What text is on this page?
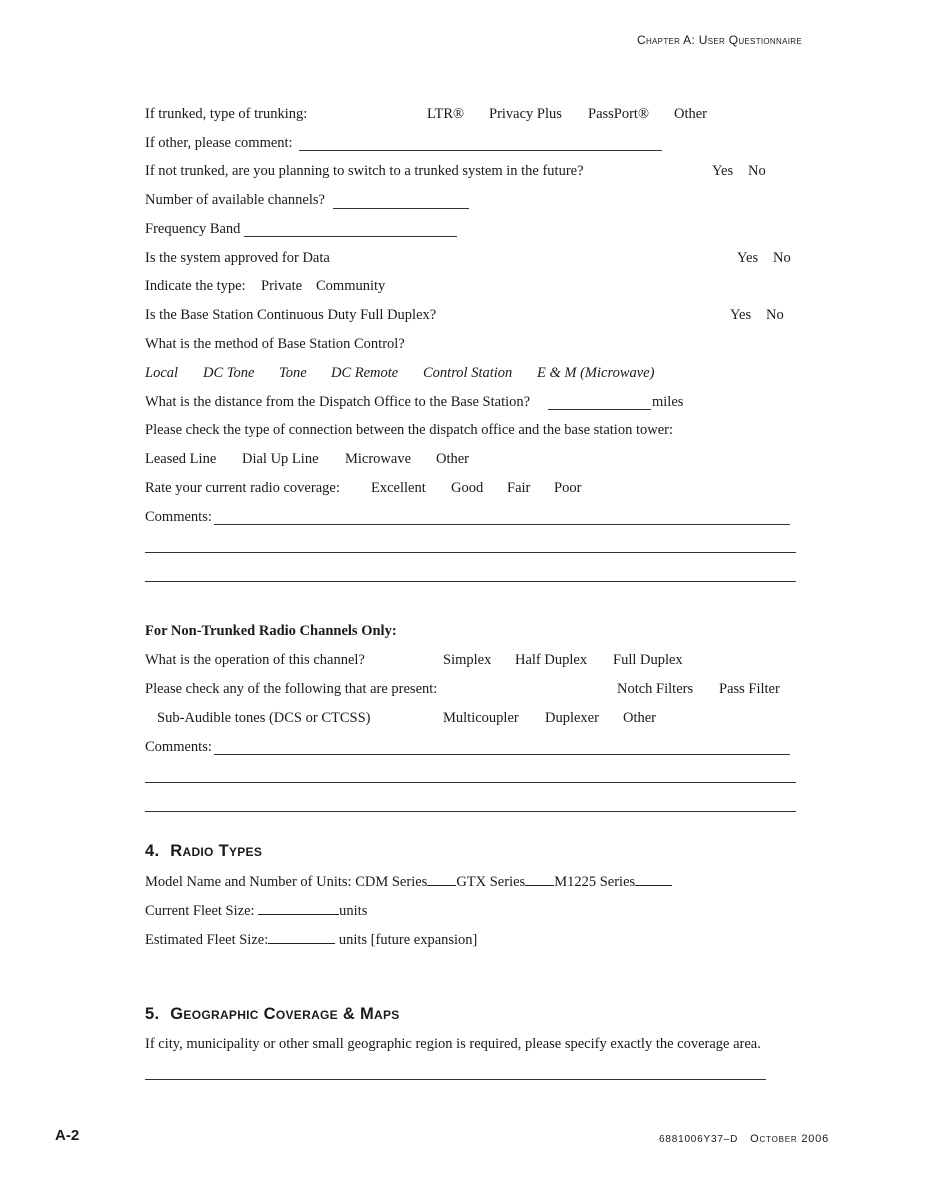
Chapter A: User Questionnaire
If trunked, type of trunking:	LTR® Privacy Plus PassPort® Other
If other, please comment:
If not trunked, are you planning to switch to a trunked system in the future?	Yes No
Number of available channels?
Frequency Band
Is the system approved for Data	Yes No
Indicate the type: Private Community
Is the Base Station Continuous Duty Full Duplex?	Yes No
What is the method of Base Station Control?
Local DC Tone Tone DC Remote Control Station E & M (Microwave)
What is the distance from the Dispatch Office to the Base Station?	miles
Please check the type of connection between the dispatch office and the base station tower:
Leased Line Dial Up Line Microwave Other
Rate your current radio coverage: Excellent Good Fair Poor
Comments:
For Non-Trunked Radio Channels Only:
What is the operation of this channel?	Simplex Half Duplex Full Duplex
Please check any of the following that are present:	Notch Filters Pass Filter
Sub-Audible tones (DCS or CTCSS)	Multicoupler Duplexer Other
Comments:
4. Radio Types
Model Name and Number of Units: CDM Series GTX Series M1225 Series
Current Fleet Size:	units
Estimated Fleet Size:	units [future expansion]
5. Geographic Coverage & Maps
If city, municipality or other small geographic region is required, please specify exactly the coverage area.
A-2	6881006Y37–D October 2006
